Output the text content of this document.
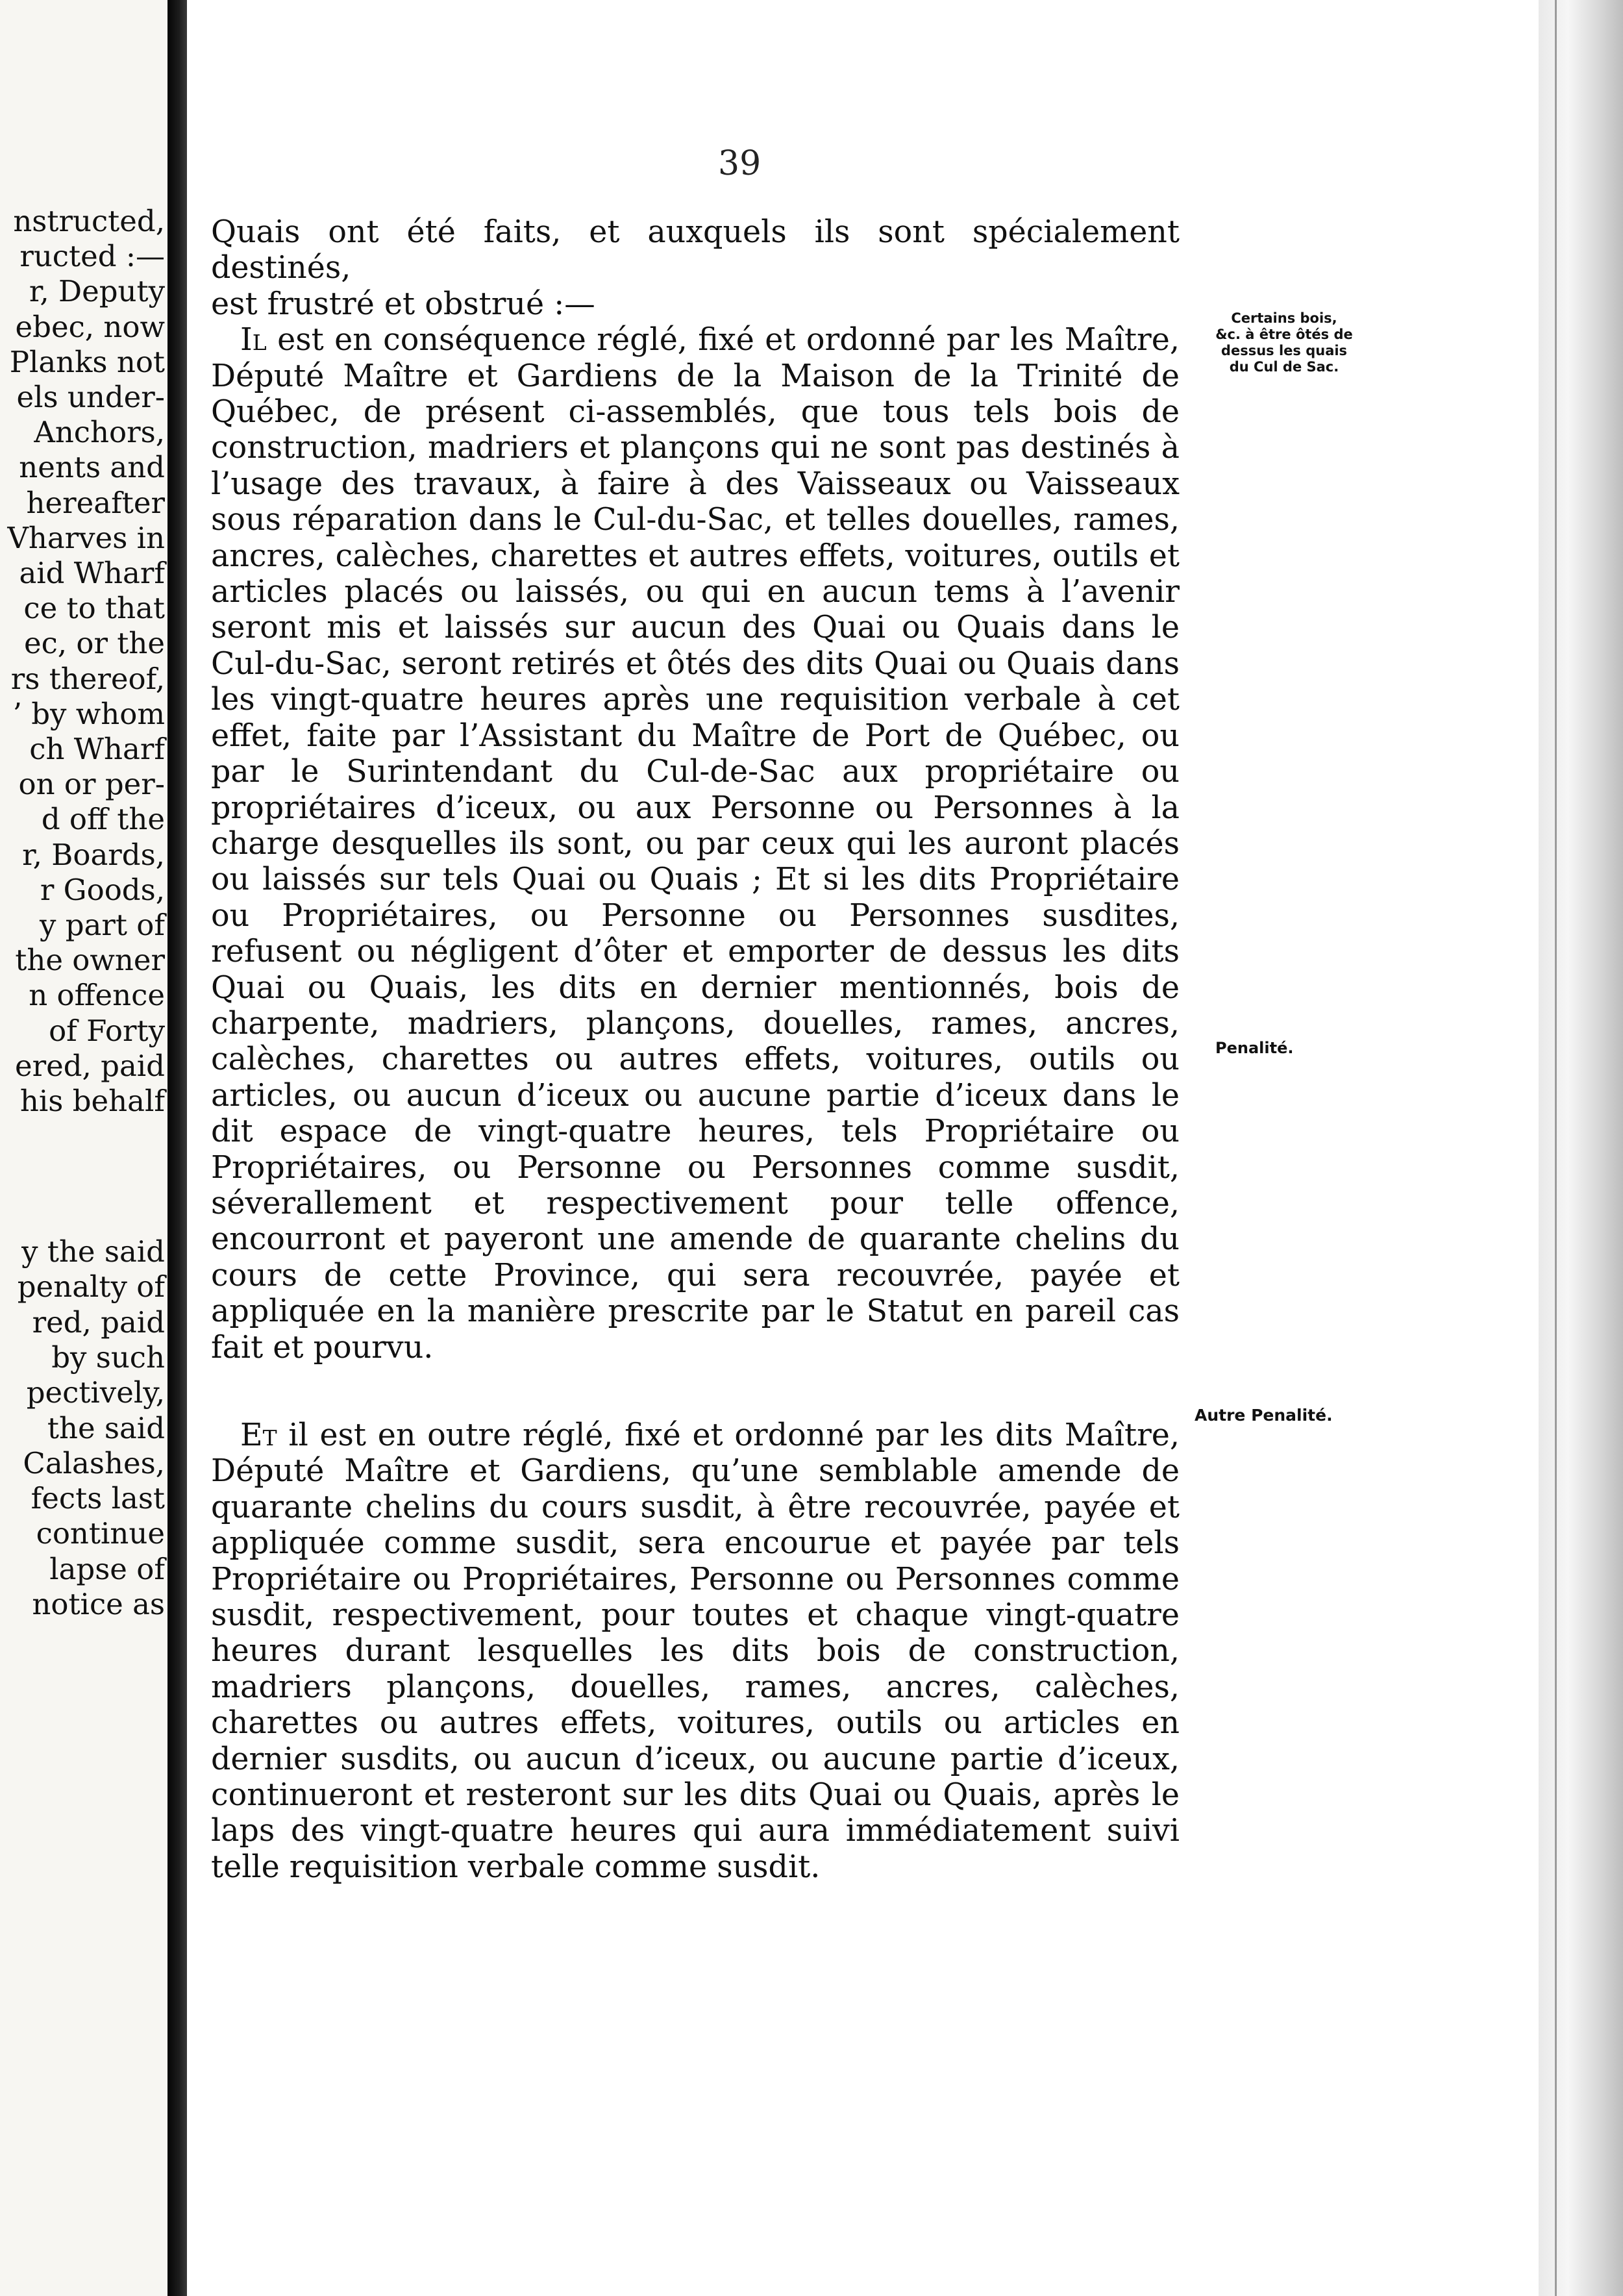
nstructed,
ructed :—
r, Deputy
ebec, now
Planks not
els under-
Anchors,
nents and
hereafter
Vharves in
aid Wharf
ce to that
ec, or the
rs thereof,
’ by whom
ch Wharf
on or per-
d off the
r, Boards,
r Goods,
y part of
the owner
n offence
of Forty
ered, paid
his behalf
y the said
penalty of
red, paid
by such
pectively,
the said
Calashes,
fects last
continue
lapse of
notice as
39

Quais ont été faits, et auxquels ils sont spécialement destinés,
est frustré et obstrué :—

Il est en conséquence réglé, fixé et ordonné par les Maître, Député Maître et Gardiens de la Maison de la Trinité de Québec, de présent ci-assemblés, que tous tels bois de construction, madriers et plançons qui ne sont pas destinés à l’usage des travaux, à faire à des Vaisseaux ou Vaisseaux sous réparation dans le Cul-du-Sac, et telles douelles, rames, ancres, calèches, charettes et autres effets, voitures, outils et articles placés ou laissés, ou qui en aucun tems à l’avenir seront mis et laissés sur aucun des Quai ou Quais dans le Cul-du-Sac, seront retirés et ôtés des dits Quai ou Quais dans les vingt-quatre heures après une requisition verbale à cet effet, faite par l’Assistant du Maître de Port de Québec, ou par le Surintendant du Cul-de-Sac aux propriétaire ou propriétaires d’iceux, ou aux Personne ou Personnes à la charge desquelles ils sont, ou par ceux qui les auront placés ou laissés sur tels Quai ou Quais ; Et si les dits Propriétaire ou Propriétaires, ou Personne ou Personnes susdites, refusent ou négligent d’ôter et emporter de dessus les dits Quai ou Quais, les dits en dernier mentionnés, bois de charpente, madriers, plançons, douelles, rames, ancres, calèches, charettes ou autres effets, voitures, outils ou articles, ou aucun d’iceux ou aucune partie d’iceux dans le dit espace de vingt-quatre heures, tels Propriétaire ou Propriétaires, ou Personne ou Personnes comme susdit, séverallement et respectivement pour telle offence, encourront et payeront une amende de quarante chelins du cours de cette Province, qui sera recouvrée, payée et appliquée en la manière prescrite par le Statut en pareil cas fait et pourvu.

Et il est en outre réglé, fixé et ordonné par les dits Maître, Député Maître et Gardiens, qu’une semblable amende de quarante chelins du cours susdit, à être recouvrée, payée et appliquée comme susdit, sera encourue et payée par tels Propriétaire ou Propriétaires, Personne ou Personnes comme susdit, respectivement, pour toutes et chaque vingt-quatre heures durant lesquelles les dits bois de construction, madriers plançons, douelles, rames, ancres, calèches, charettes ou autres effets, voitures, outils ou articles en dernier susdits, ou aucun d’iceux, ou aucune partie d’iceux, continueront et resteront sur les dits Quai ou Quais, après le laps des vingt-quatre heures qui aura immédiatement suivi telle requisition verbale comme susdit.

Certains bois,
&c. à être ôtés de
dessus les quais
du Cul de Sac.
Penalité.
Autre Penalité.
